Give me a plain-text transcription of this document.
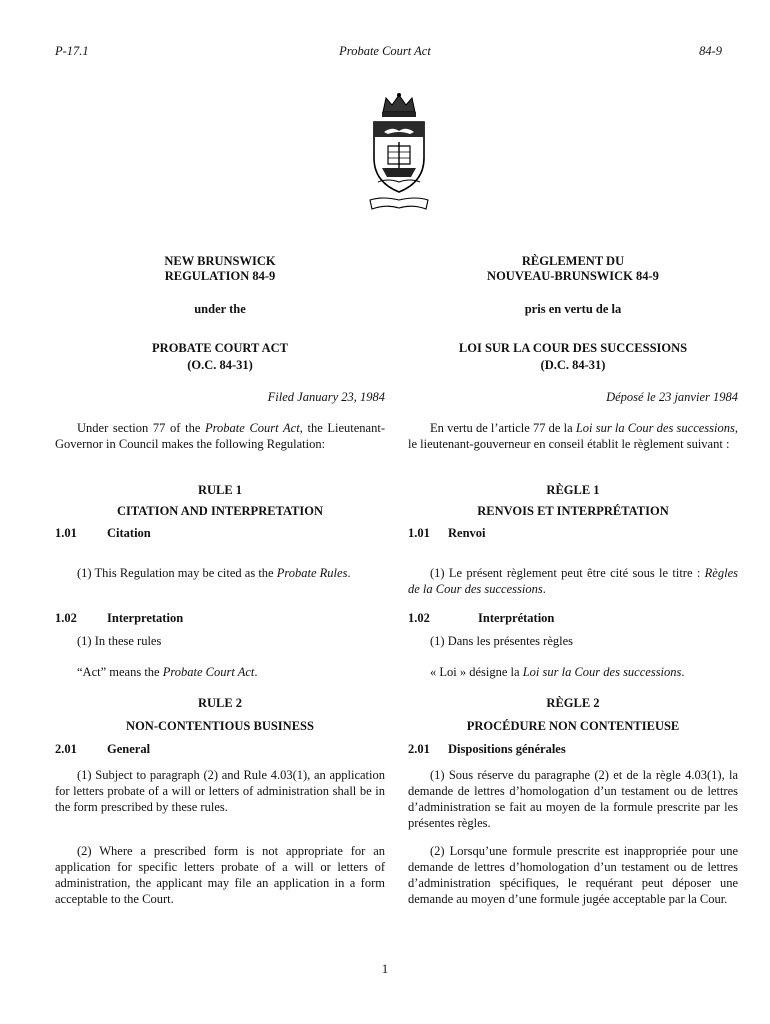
P-17.1	Probate Court Act	84-9
NEW BRUNSWICK
REGULATION 84-9
under the
PROBATE COURT ACT
(O.C. 84-31)
Filed January 23, 1984
Under section 77 of the Probate Court Act, the Lieutenant-Governor in Council makes the following Regulation:
RULE 1
CITATION AND INTERPRETATION
1.01 Citation
(1) This Regulation may be cited as the Probate Rules.
1.02 Interpretation
(1) In these rules
“Act” means the Probate Court Act.
RULE 2
NON-CONTENTIOUS BUSINESS
2.01 General
(1) Subject to paragraph (2) and Rule 4.03(1), an application for letters probate of a will or letters of administration shall be in the form prescribed by these rules.
(2) Where a prescribed form is not appropriate for an application for specific letters probate of a will or letters of administration, the applicant may file an application in a form acceptable to the Court.
RÈGLEMENT DU
NOUVEAU-BRUNSWICK 84-9
pris en vertu de la
LOI SUR LA COUR DES SUCCESSIONS
(D.C. 84-31)
Déposé le 23 janvier 1984
En vertu de l’article 77 de la Loi sur la Cour des successions, le lieutenant-gouverneur en conseil établit le règlement suivant :
RÈGLE 1
RENVOIS ET INTERPRÉTATION
1.01 Renvoi
(1) Le présent règlement peut être cité sous le titre : Règles de la Cour des successions.
1.02	Interprétation
(1) Dans les présentes règles
« Loi » désigne la Loi sur la Cour des successions.
RÈGLE 2
PROCÉDURE NON CONTENTIEUSE
2.01 Dispositions générales
(1) Sous réserve du paragraphe (2) et de la règle 4.03(1), la demande de lettres d’homologation d’un testament ou de lettres d’administration se fait au moyen de la formule prescrite par les présentes règles.
(2) Lorsqu’une formule prescrite est inappropriée pour une demande de lettres d’homologation d’un testament ou de lettres d’administration spécifiques, le requérant peut déposer une demande au moyen d’une formule jugée acceptable par la Cour.
1
